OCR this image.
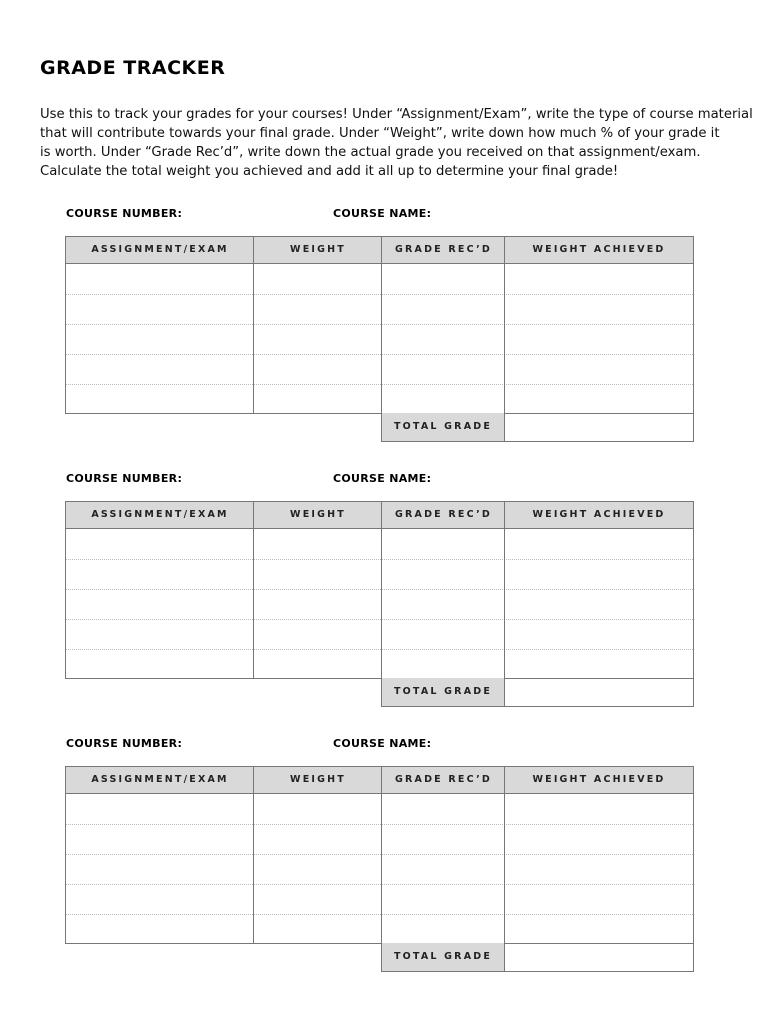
GRADE TRACKER
Use this to track your grades for your courses! Under “Assignment/Exam”, write the type of course material
that will contribute towards your final grade. Under “Weight”, write down how much % of your grade it
is worth. Under “Grade Rec’d”, write down the actual grade you received on that assignment/exam.
Calculate the total weight you achieved and add it all up to determine your final grade!
COURSE NUMBER:	COURSE NAME:
ASSIGNMENT/EXAM	WEIGHT	GRADE REC’D	WEIGHT ACHIEVED
TOTAL GRADE
COURSE NUMBER:	COURSE NAME:
ASSIGNMENT/EXAM	WEIGHT	GRADE REC’D	WEIGHT ACHIEVED
TOTAL GRADE
COURSE NUMBER:	COURSE NAME:
ASSIGNMENT/EXAM	WEIGHT	GRADE REC’D	WEIGHT ACHIEVED
TOTAL GRADE
